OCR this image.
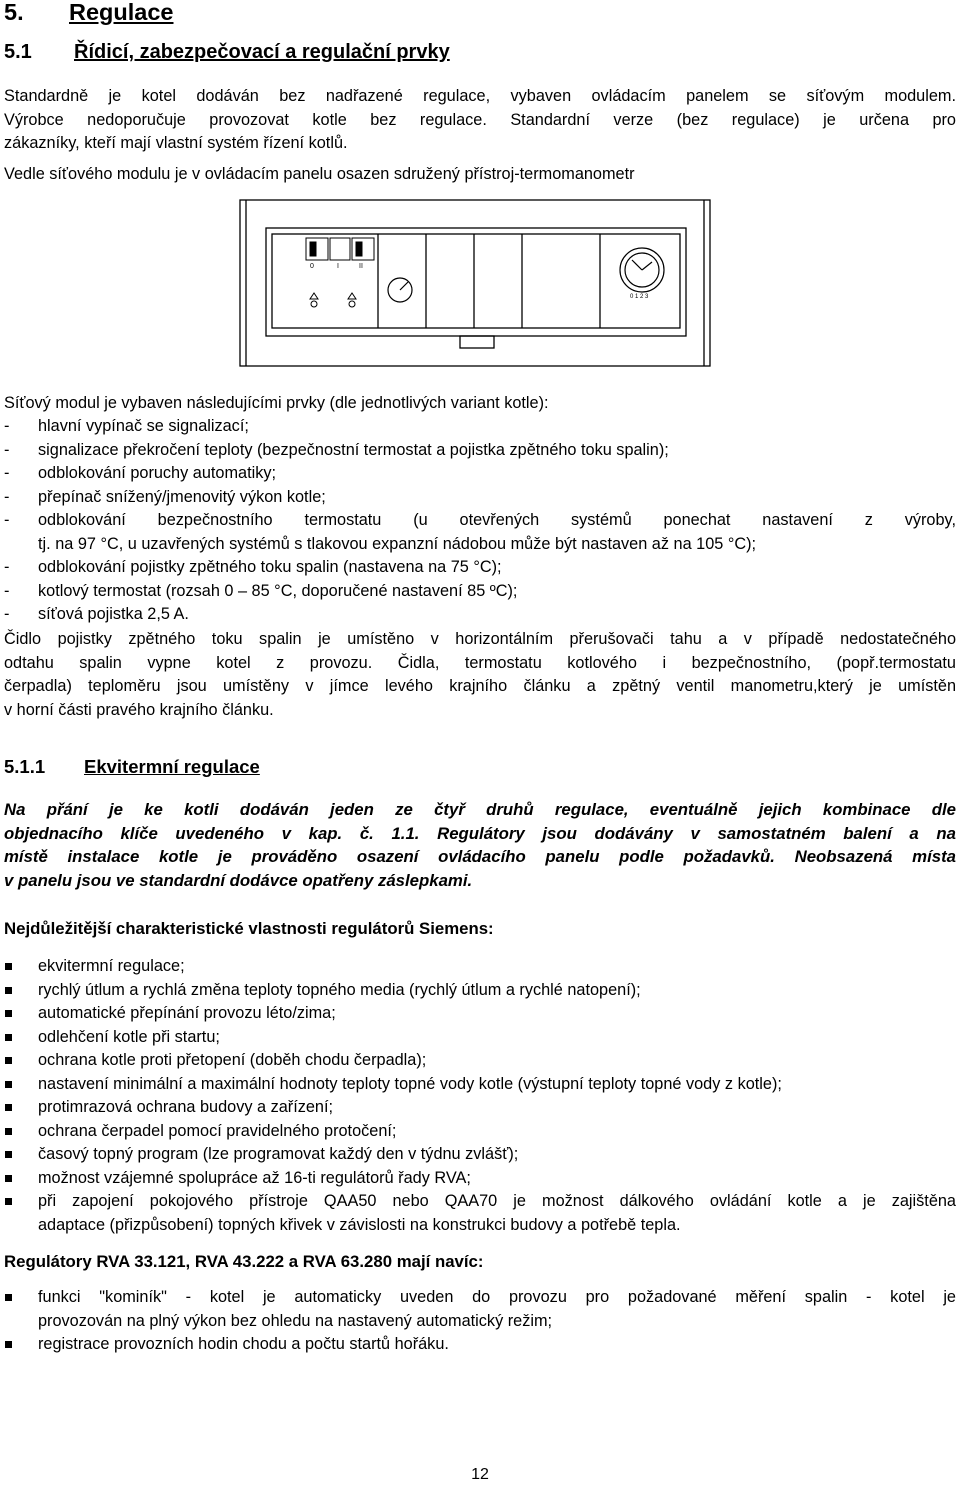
5. Regulace
5.1 Řídicí, zabezpečovací a regulační prvky
Standardně je kotel dodáván bez nadřazené regulace, vybaven ovládacím panelem se síťovým modulem.
Výrobce nedoporučuje provozovat kotle bez regulace. Standardní verze (bez regulace) je určena pro
zákazníky, kteří mají vlastní systém řízení kotlů.
Vedle síťového modulu je v ovládacím panelu osazen sdružený přístroj-termomanometr
0	I	II
0 1 2 3
Síťový modul je vybaven následujícími prvky (dle jednotlivých variant kotle):
-	hlavní vypínač se signalizací;
-	signalizace překročení teploty (bezpečnostní termostat a pojistka zpětného toku spalin);
-	odblokování poruchy automatiky;
-	přepínač snížený/jmenovitý výkon kotle;
-	odblokování bezpečnostního termostatu (u otevřených systémů ponechat nastavení z výroby,
tj. na 97 °C, u uzavřených systémů s tlakovou expanzní nádobou může být nastaven až na 105 °C);
-	odblokování pojistky zpětného toku spalin (nastavena na 75 °C);
-	kotlový termostat (rozsah 0 – 85 °C, doporučené nastavení 85 ºC);
-	síťová pojistka 2,5 A.
Čidlo pojistky zpětného toku spalin je umístěno v horizontálním přerušovači tahu a v případě nedostatečného
odtahu spalin vypne kotel z provozu. Čidla, termostatu kotlového i bezpečnostního, (popř.termostatu
čerpadla) teploměru jsou umístěny v jímce levého krajního článku a zpětný ventil manometru,který je umístěn
v horní části pravého krajního článku.
5.1.1 Ekvitermní regulace
Na přání je ke kotli dodáván jeden ze čtyř druhů regulace, eventuálně jejich kombinace dle
objednacího klíče uvedeného v kap. č. 1.1. Regulátory jsou dodávány v samostatném balení a na
místě instalace kotle je prováděno osazení ovládacího panelu podle požadavků. Neobsazená místa
v panelu jsou ve standardní dodávce opatřeny záslepkami.
Nejdůležitější charakteristické vlastnosti regulátorů Siemens:
ekvitermní regulace;
rychlý útlum a rychlá změna teploty topného media (rychlý útlum a rychlé natopení);
automatické přepínání provozu léto/zima;
odlehčení kotle při startu;
ochrana kotle proti přetopení (doběh chodu čerpadla);
nastavení minimální a maximální hodnoty teploty topné vody kotle (výstupní teploty topné vody z kotle);
protimrazová ochrana budovy a zařízení;
ochrana čerpadel pomocí pravidelného protočení;
časový topný program (lze programovat každý den v týdnu zvlášť);
možnost vzájemné spolupráce až 16-ti regulátorů řady RVA;
při zapojení pokojového přístroje QAA50 nebo QAA70 je možnost dálkového ovládání kotle a je zajištěna
adaptace (přizpůsobení) topných křivek v závislosti na konstrukci budovy a potřebě tepla.
Regulátory RVA 33.121, RVA 43.222 a RVA 63.280 mají navíc:
funkci "kominík" - kotel je automaticky uveden do provozu pro požadované měření spalin - kotel je
provozován na plný výkon bez ohledu na nastavený automatický režim;
registrace provozních hodin chodu a počtu startů hořáku.
12
